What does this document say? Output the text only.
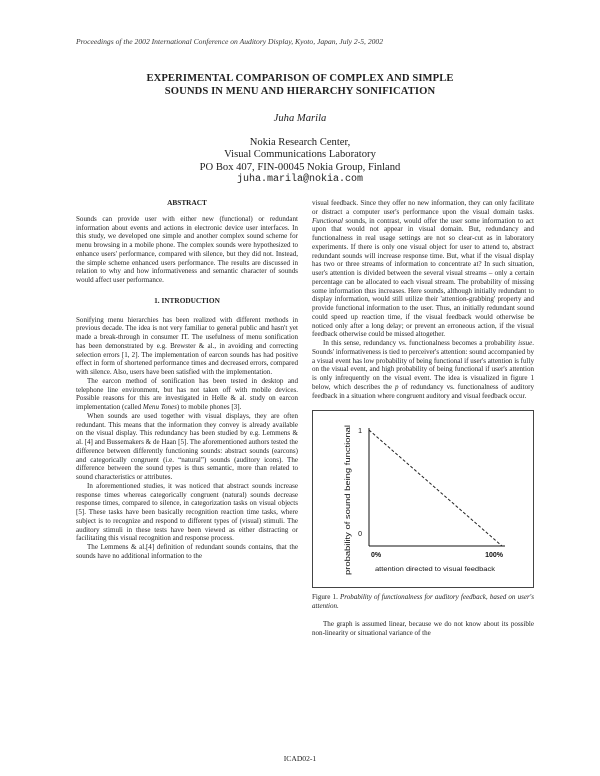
Proceedings of the 2002 International Conference on Auditory Display, Kyoto, Japan, July 2-5, 2002
EXPERIMENTAL COMPARISON OF COMPLEX AND SIMPLE
SOUNDS IN MENU AND HIERARCHY SONIFICATION
Juha Marila
Nokia Research Center,
Visual Communications Laboratory
PO Box 407, FIN-00045 Nokia Group, Finland
juha.marila@nokia.com

ABSTRACT

Sounds can provide user with either new (functional) or redundant information about events and actions in electronic device user interfaces. In this study, we developed one simple and another complex sound scheme for menu browsing in a mobile phone. The complex sounds were hypothesized to enhance users' performance, compared with silence, but they did not. Instead, the simple scheme enhanced users performance. The results are discussed in relation to why and how informativeness and semantic character of sounds would affect user performance.

1. INTRODUCTION

Sonifying menu hierarchies has been realized with different methods in previous decade. The idea is not very familiar to general public and hasn't yet made a break-through in consumer IT. The usefulness of menu sonification has been demonstrated by e.g. Brewster & al., in avoiding and correcting selection errors [1, 2]. The implementation of earcon sounds has had positive effect in form of shortened performance times and decreased errors, compared with silence. Also, users have been satisfied with the implementation.

The earcon method of sonification has been tested in desktop and telephone line environment, but has not taken off with mobile devices. Possible reasons for this are investigated in Helle & al. study on earcon implementation (called Menu Tones) to mobile phones [3].

When sounds are used together with visual displays, they are often redundant. This means that the information they convey is already available on the visual display. This redundancy has been studied by e.g. Lemmens & al. [4] and Bussemakers & de Haan [5]. The aforementioned authors tested the difference between differently functioning sounds: abstract sounds (earcons) and categorically congruent (i.e. “natural”) sounds (auditory icons). The difference between the sound types is thus semantic, more than related to sound characteristics or attributes.

In aforementioned studies, it was noticed that abstract sounds increase response times whereas categorically congruent (natural) sounds decrease response times, compared to silence, in categorization tasks on visual objects [5]. These tasks have been basically recognition reaction time tasks, where subject is to recognize and respond to different types of (visual) stimuli. The auditory stimuli in these tests have been viewed as either distracting or facilitating this visual recognition and response process.

The Lemmens & al.[4] definition of redundant sounds contains, that the sounds have no additional information to the

visual feedback. Since they offer no new information, they can only facilitate or distract a computer user's performance upon the visual domain tasks. Functional sounds, in contrast, would offer the user some information to act upon that would not appear in visual domain. But, redundancy and functionalness in real usage settings are not so clear-cut as in laboratory experiments. If there is only one visual object for user to attend to, abstract redundant sounds will increase response time. But, what if the visual display has two or three streams of information to concentrate at? In such situation, user's attention is divided between the several visual streams – only a certain percentage can be allocated to each visual stream. The probability of missing some information thus increases. Here sounds, although initially redundant to display information, would still utilize their 'attention-grabbing' property and provide functional information to the user. Thus, an initially redundant sound could speed up reaction time, if the visual feedback would otherwise be noticed only after a long delay; or prevent an erroneous action, if the visual feedback otherwise could be missed altogether.

In this sense, redundancy vs. functionalness becomes a probability issue. Sounds' informativeness is tied to perceiver's attention: sound accompanied by a visual event has low probability of being functional if user's attention is fully on the visual event, and high probability of being functional if user's attention is only infrequently on the visual event. The idea is visualized in figure 1 below, which describes the p of redundancy vs. functionalness of auditory feedback in a situation where congruent auditory and visual feedback occur.

probability of sound being functional
1
0
0%	100%
attention directed to visual feedback
Figure 1. Probability of functionalness for auditory feedback, based on user's attention.

The graph is assumed linear, because we do not know about its possible non-linearity or situational variance of the

ICAD02-1
